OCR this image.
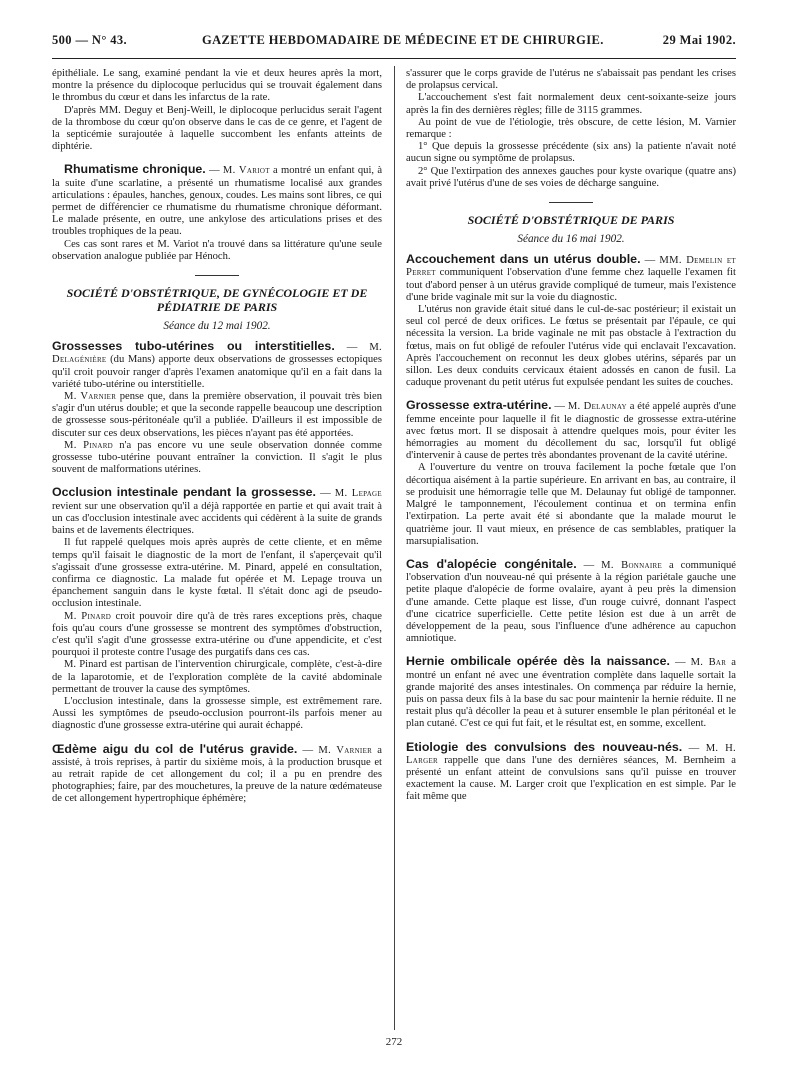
500 — N° 43.	GAZETTE HEBDOMADAIRE DE MÉDECINE ET DE CHIRURGIE.	29 Mai 1902.

épithéliale. Le sang, examiné pendant la vie et deux heures après la mort, montre la présence du diplocoque perlucidus qui se trouvait également dans le thrombus du cœur et dans les infarctus de la rate.

D'après MM. Deguy et Benj-Weill, le diplocoque perlucidus serait l'agent de la thrombose du cœur qu'on observe dans le cas de ce genre, et l'agent de la septicémie surajoutée à laquelle succombent les enfants atteints de diphtérie.

Rhumatisme chronique. — M. Variot a montré un enfant qui, à la suite d'une scarlatine, a présenté un rhumatisme localisé aux grandes articulations : épaules, hanches, genoux, coudes. Les mains sont libres, ce qui permet de différencier ce rhumatisme du rhumatisme chronique déformant. Le malade présente, en outre, une ankylose des articulations prises et des troubles trophiques de la peau.

Ces cas sont rares et M. Variot n'a trouvé dans sa littérature qu'une seule observation analogue publiée par Hénoch.

SOCIÉTÉ D'OBSTÉTRIQUE, DE GYNÉCOLOGIE ET DE PÉDIATRIE DE PARIS
Séance du 12 mai 1902.

Grossesses tubo-utérines ou interstitielles. — M. Delagénière (du Mans) apporte deux observations de grossesses ectopiques qu'il croit pouvoir ranger d'après l'examen anatomique qu'il en a fait dans la variété tubo-utérine ou interstitielle.

M. Varnier pense que, dans la première observation, il pouvait très bien s'agir d'un utérus double; et que la seconde rappelle beaucoup une description de grossesse sous-péritonéale qu'il a publiée. D'ailleurs il est impossible de discuter sur ces deux observations, les pièces n'ayant pas été apportées.

M. Pinard n'a pas encore vu une seule observation donnée comme grossesse tubo-utérine pouvant entraîner la conviction. Il s'agit le plus souvent de malformations utérines.

Occlusion intestinale pendant la grossesse. — M. Lepage revient sur une observation qu'il a déjà rapportée en partie et qui avait trait à un cas d'occlusion intestinale avec accidents qui cédèrent à la suite de grands bains et de lavements électriques.

Il fut rappelé quelques mois après auprès de cette cliente, et en même temps qu'il faisait le diagnostic de la mort de l'enfant, il s'aperçevait qu'il s'agissait d'une grossesse extra-utérine. M. Pinard, appelé en consultation, confirma ce diagnostic. La malade fut opérée et M. Lepage trouva un épanchement sanguin dans le kyste fœtal. Il s'était donc agi de pseudo-occlusion intestinale.

M. Pinard croit pouvoir dire qu'à de très rares exceptions près, chaque fois qu'au cours d'une grossesse se montrent des symptômes d'obstruction, c'est qu'il s'agit d'une grossesse extra-utérine ou d'une appendicite, et c'est pourquoi il proteste contre l'usage des purgatifs dans ces cas.

M. Pinard est partisan de l'intervention chirurgicale, complète, c'est-à-dire de la laparotomie, et de l'exploration complète de la cavité abdominale permettant de trouver la cause des symptômes.

L'occlusion intestinale, dans la grossesse simple, est extrêmement rare. Aussi les symptômes de pseudo-occlusion pourront-ils parfois mener au diagnostic d'une grossesse extra-utérine qui aurait échappé.

Œdème aigu du col de l'utérus gravide. — M. Varnier a assisté, à trois reprises, à partir du sixième mois, à la production brusque et au retrait rapide de cet allongement du col; il a pu en prendre des photographies; faire, par des mouchetures, la preuve de la nature œdémateuse de cet allongement hypertrophique éphémère;

s'assurer que le corps gravide de l'utérus ne s'abaissait pas pendant les crises de prolapsus cervical.

L'accouchement s'est fait normalement deux cent-soixante-seize jours après la fin des dernières règles; fille de 3115 grammes.

Au point de vue de l'étiologie, très obscure, de cette lésion, M. Varnier remarque :

1° Que depuis la grossesse précédente (six ans) la patiente n'avait noté aucun signe ou symptôme de prolapsus.

2° Que l'extirpation des annexes gauches pour kyste ovarique (quatre ans) avait privé l'utérus d'une de ses voies de décharge sanguine.

SOCIÉTÉ D'OBSTÉTRIQUE DE PARIS
Séance du 16 mai 1902.

Accouchement dans un utérus double. — MM. Demelin et Perret communiquent l'observation d'une femme chez laquelle l'examen fit tout d'abord penser à un utérus gravide compliqué de tumeur, mais l'existence d'une bride vaginale mit sur la voie du diagnostic.

L'utérus non gravide était situé dans le cul-de-sac postérieur; il existait un seul col percé de deux orifices. Le fœtus se présentait par l'épaule, ce qui nécessita la version. La bride vaginale ne mit pas obstacle à l'extraction du fœtus, mais on fut obligé de refouler l'utérus vide qui enclavait l'excavation. Après l'accouchement on reconnut les deux globes utérins, séparés par un sillon. Les deux conduits cervicaux étaient adossés en canon de fusil. La caduque provenant du petit utérus fut expulsée pendant les suites de couches.

Grossesse extra-utérine. — M. Delaunay a été appelé auprès d'une femme enceinte pour laquelle il fit le diagnostic de grossesse extra-utérine avec fœtus mort. Il se disposait à attendre quelques mois, pour éviter les hémorragies au moment du décollement du sac, lorsqu'il fut obligé d'intervenir à cause de pertes très abondantes provenant de la cavité utérine.

A l'ouverture du ventre on trouva facilement la poche fœtale que l'on décortiqua aisément à la partie supérieure. En arrivant en bas, au contraire, il se produisit une hémorragie telle que M. Delaunay fut obligé de tamponner. Malgré le tamponnement, l'écoulement continua et on termina enfin l'extirpation. La perte avait été si abondante que la malade mourut le quatrième jour. Il vaut mieux, en présence de cas semblables, pratiquer la marsupialisation.

Cas d'alopécie congénitale. — M. Bonnaire a communiqué l'observation d'un nouveau-né qui présente à la région pariétale gauche une petite plaque d'alopécie de forme ovalaire, ayant à peu près la dimension d'une amande. Cette plaque est lisse, d'un rouge cuivré, donnant l'aspect d'une cicatrice superficielle. Cette petite lésion est due à un arrêt de développement de la peau, sous l'influence d'une adhérence au capuchon amniotique.

Hernie ombilicale opérée dès la naissance. — M. Bar a montré un enfant né avec une éventration complète dans laquelle sortait la grande majorité des anses intestinales. On commença par réduire la hernie, puis on passa deux fils à la base du sac pour maintenir la hernie réduite. Il ne restait plus qu'à décoller la peau et à suturer ensemble le plan péritonéal et le plan cutané. C'est ce qui fut fait, et le résultat est, en somme, excellent.

Etiologie des convulsions des nouveau-nés. — M. H. Larger rappelle que dans l'une des dernières séances, M. Bernheim a présenté un enfant atteint de convulsions sans qu'il puisse en trouver exactement la cause. M. Larger croit que l'explication en est simple. Par le fait même que

272
